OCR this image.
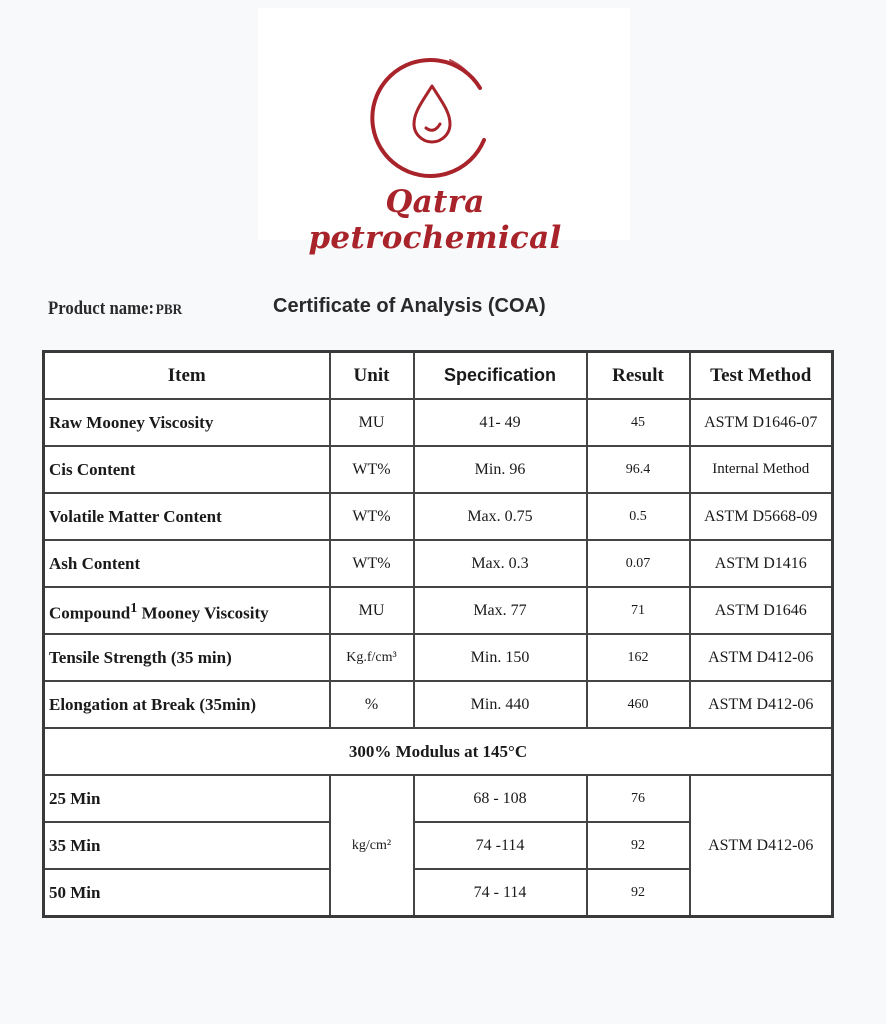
Qatra petrochemical
Product name: PBR	Certificate of Analysis (COA)
Item	Unit	Specification	Result	Test Method
Raw Mooney Viscosity	MU	41- 49	45	ASTM D1646-07
Cis Content	WT%	Min. 96	96.4	Internal Method
Volatile Matter Content	WT%	Max. 0.75	0.5	ASTM D5668-09
Ash Content	WT%	Max. 0.3	0.07	ASTM D1416
Compound$^1$ Mooney Viscosity	MU	Max. 77	71	ASTM D1646
Tensile Strength (35 min)	Kg.f/cm³	Min. 150	162	ASTM D412-06
Elongation at Break (35min)	%	Min. 440	460	ASTM D412-06
300% Modulus at 145°C				
25 Min	kg/cm²	68 - 108	76	ASTM D412-06
35 Min		74 -114	92	
50 Min		74 - 114	92	
